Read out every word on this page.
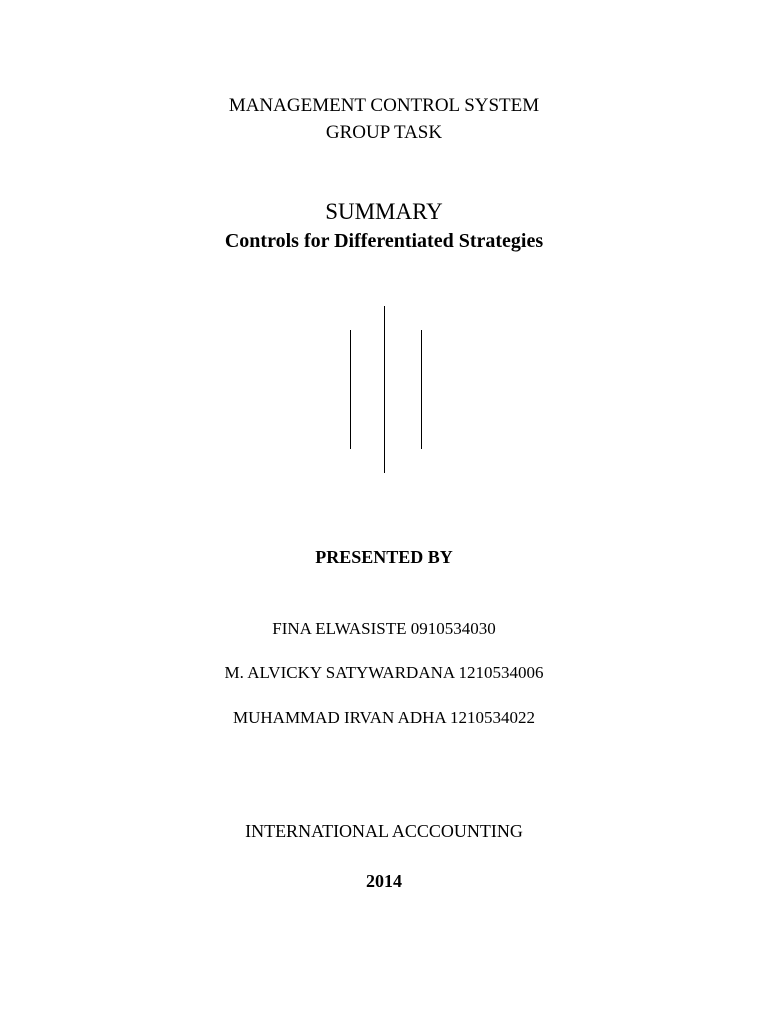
MANAGEMENT CONTROL SYSTEM
GROUP TASK
SUMMARY
Controls for Differentiated Strategies
PRESENTED BY
FINA ELWASISTE 0910534030
M. ALVICKY SATYWARDANA 1210534006
MUHAMMAD IRVAN ADHA 1210534022
INTERNATIONAL ACCCOUNTING
2014
